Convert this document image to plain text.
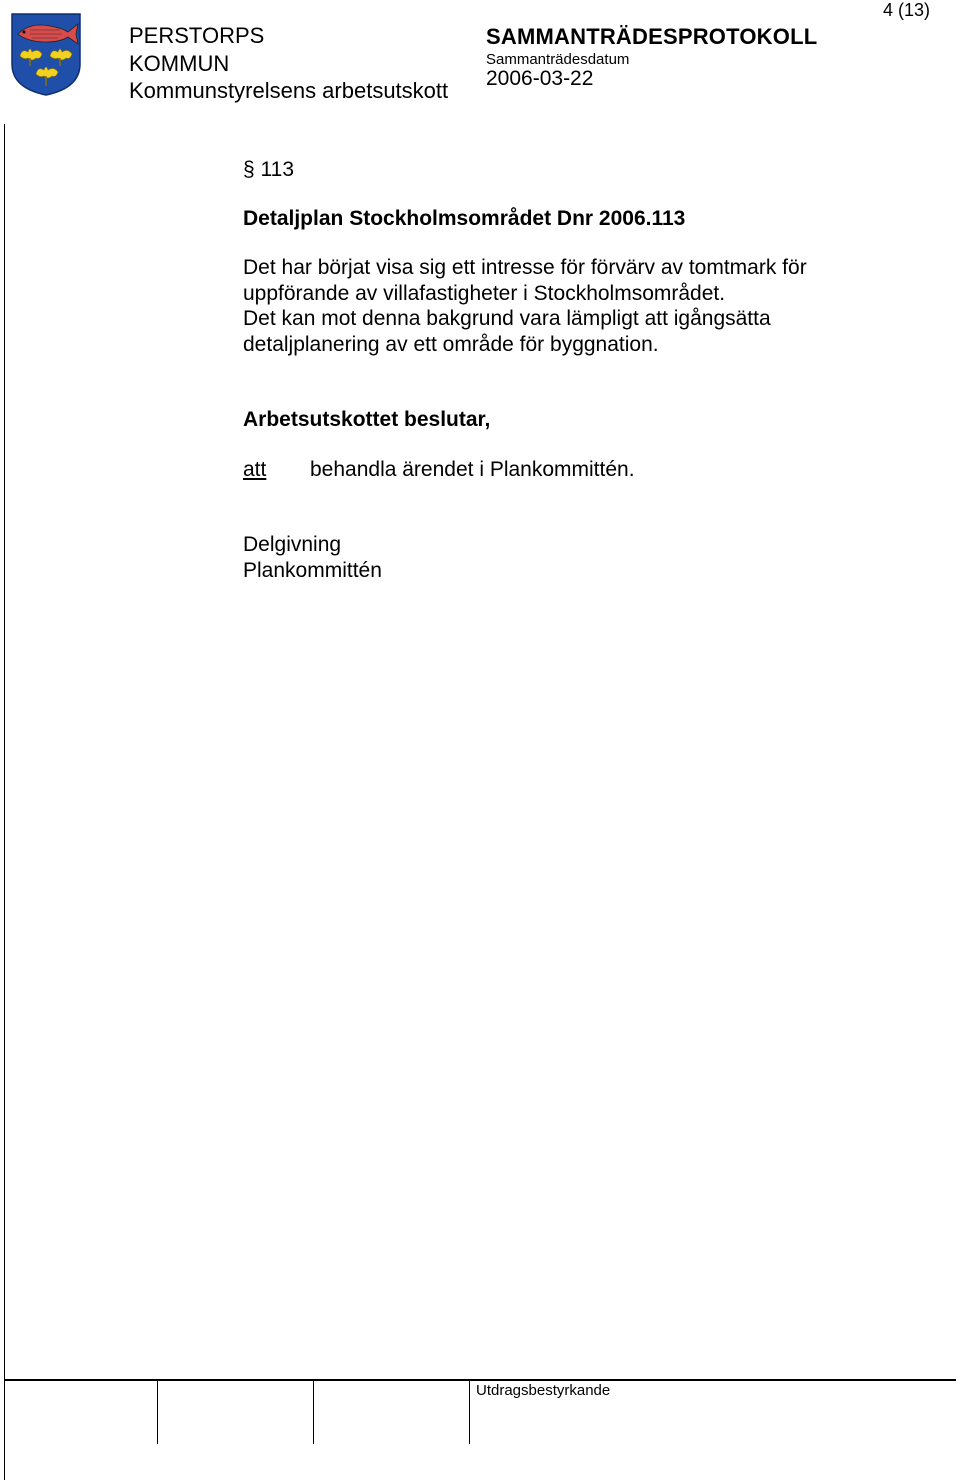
PERSTORPS
KOMMUN
Kommunstyrelsens arbetsutskott
SAMMANTRÄDESPROTOKOLL
Sammanträdesdatum
2006-03-22
4 (13)
§ 113
Detaljplan Stockholmsområdet Dnr 2006.113
Det har börjat visa sig ett intresse för förvärv av tomtmark för
uppförande av villafastigheter i Stockholmsområdet.
Det kan mot denna bakgrund vara lämpligt att igångsätta
detaljplanering av ett område för byggnation.
Arbetsutskottet beslutar,
att behandla ärendet i Plankommittén.
Delgivning
Plankommittén
Utdragsbestyrkande
